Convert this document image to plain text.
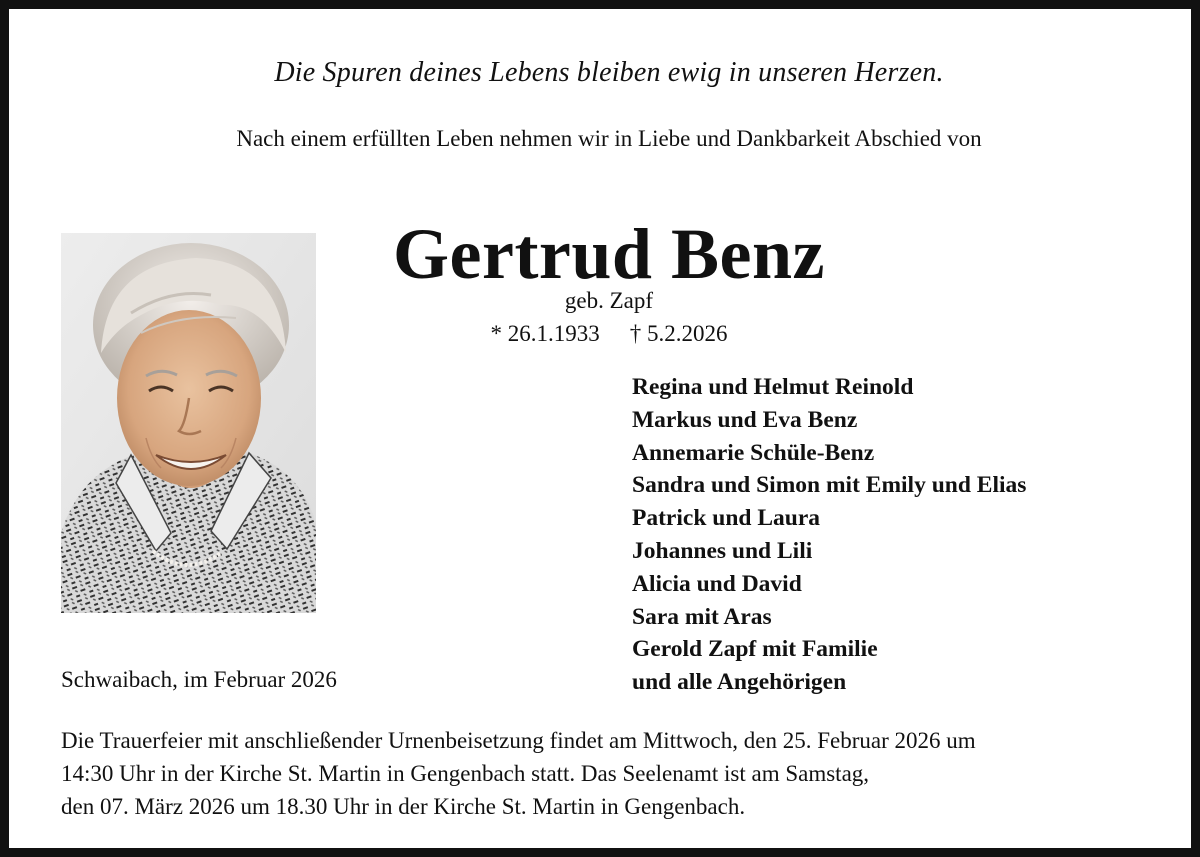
Die Spuren deines Lebens bleiben ewig in unseren Herzen.
Nach einem erfüllten Leben nehmen wir in Liebe und Dankbarkeit Abschied von
Gertrud Benz
geb. Zapf
* 26.1.1933 † 5.2.2026
Regina und Helmut Reinold
Markus und Eva Benz
Annemarie Schüle-Benz
Sandra und Simon mit Emily und Elias
Patrick und Laura
Johannes und Lili
Alicia und David
Sara mit Aras
Gerold Zapf mit Familie
und alle Angehörigen
Schwaibach, im Februar 2026
Die Trauerfeier mit anschließender Urnenbeisetzung findet am Mittwoch, den 25. Februar 2026 um
14:30 Uhr in der Kirche St. Martin in Gengenbach statt. Das Seelenamt ist am Samstag,
den 07. März 2026 um 18.30 Uhr in der Kirche St. Martin in Gengenbach.
